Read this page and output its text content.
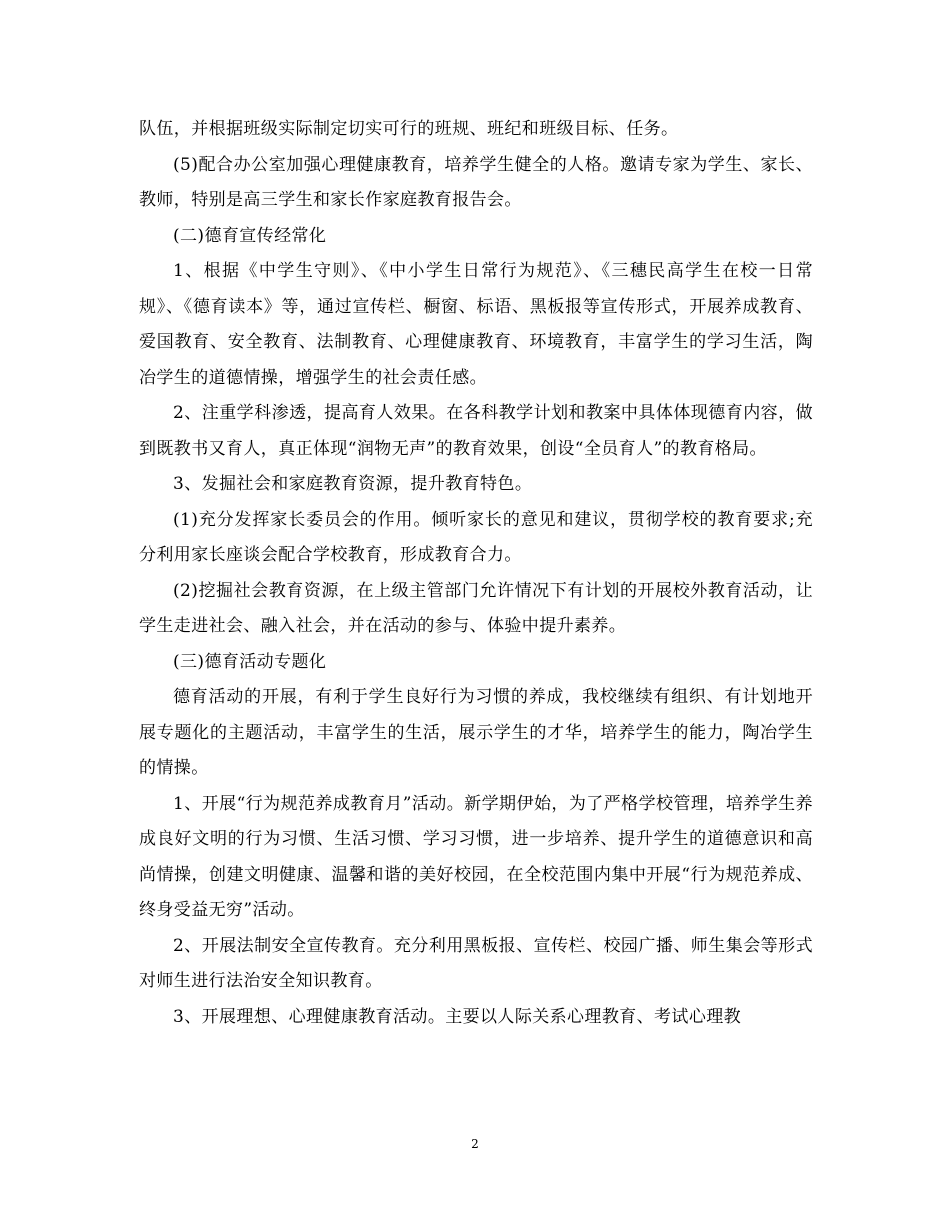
队伍，并根据班级实际制定切实可行的班规、班纪和班级目标、任务。

(5)配合办公室加强心理健康教育，培养学生健全的人格。邀请专家为学生、家长、教师，特别是高三学生和家长作家庭教育报告会。

(二)德育宣传经常化

1、根据《中学生守则》、《中小学生日常行为规范》、《三穗民高学生在校一日常规》、《德育读本》等，通过宣传栏、橱窗、标语、黑板报等宣传形式，开展养成教育、爱国教育、安全教育、法制教育、心理健康教育、环境教育，丰富学生的学习生活，陶冶学生的道德情操，增强学生的社会责任感。

2、注重学科渗透，提高育人效果。在各科教学计划和教案中具体体现德育内容，做到既教书又育人，真正体现“润物无声”的教育效果，创设“全员育人”的教育格局。

3、发掘社会和家庭教育资源，提升教育特色。

(1)充分发挥家长委员会的作用。倾听家长的意见和建议，贯彻学校的教育要求;充分利用家长座谈会配合学校教育，形成教育合力。

(2)挖掘社会教育资源，在上级主管部门允许情况下有计划的开展校外教育活动，让学生走进社会、融入社会，并在活动的参与、体验中提升素养。

(三)德育活动专题化

德育活动的开展，有利于学生良好行为习惯的养成，我校继续有组织、有计划地开展专题化的主题活动，丰富学生的生活，展示学生的才华，培养学生的能力，陶冶学生的情操。

1、开展“行为规范养成教育月”活动。新学期伊始，为了严格学校管理，培养学生养成良好文明的行为习惯、生活习惯、学习习惯，进一步培养、提升学生的道德意识和高尚情操，创建文明健康、温馨和谐的美好校园，在全校范围内集中开展“行为规范养成、终身受益无穷”活动。

2、开展法制安全宣传教育。充分利用黑板报、宣传栏、校园广播、师生集会等形式对师生进行法治安全知识教育。

3、开展理想、心理健康教育活动。主要以人际关系心理教育、考试心理教

2
